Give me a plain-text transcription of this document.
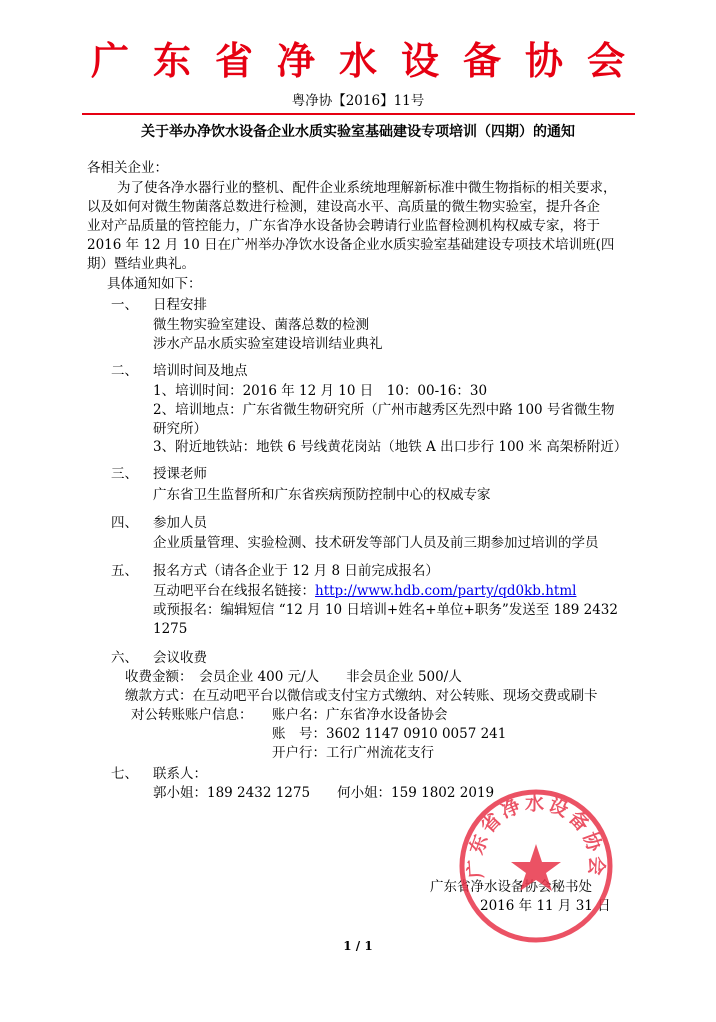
广东省净水设备协会
粤净协【2016】11号
关于举办净饮水设备企业水质实验室基础建设专项培训（四期）的通知
各相关企业：
为了使各净水器行业的整机、配件企业系统地理解新标准中微生物指标的相关要求，
以及如何对微生物菌落总数进行检测，建设高水平、高质量的微生物实验室，提升各企
业对产品质量的管控能力，广东省净水设备协会聘请行业监督检测机构权威专家，将于
2016 年 12 月 10 日在广州举办净饮水设备企业水质实验室基础建设专项技术培训班(四
期）暨结业典礼。
具体通知如下：
一、 日程安排
微生物实验室建设、菌落总数的检测
涉水产品水质实验室建设培训结业典礼
二、 培训时间及地点
1、培训时间：2016 年 12 月 10 日　10：00-16：30
2、培训地点：广东省微生物研究所（广州市越秀区先烈中路 100 号省微生物
研究所）
3、附近地铁站：地铁 6 号线黄花岗站（地铁 A 出口步行 100 米 高架桥附近）
三、 授课老师
广东省卫生监督所和广东省疾病预防控制中心的权威专家
四、 参加人员
企业质量管理、实验检测、技术研发等部门人员及前三期参加过培训的学员
五、 报名方式（请各企业于 12 月 8 日前完成报名）
互动吧平台在线报名链接：http://www.hdb.com/party/qd0kb.html
或预报名：编辑短信 “12 月 10 日培训+姓名+单位+职务”发送至 189 2432
1275
六、 会议收费
收费金额：　会员企业 400 元/人　　非会员企业 500/人
缴款方式：在互动吧平台以微信或支付宝方式缴纳、对公转账、现场交费或刷卡
对公转账账户信息： 账户名：广东省净水设备协会
账　号：3602 1147 0910 0057 241
开户行：工行广州流花支行
七、 联系人：
郭小姐：189 2432 1275　　何小姐：159 1802 2019
广东省净水设备协会秘书处
2016 年 11 月 31 日
广东省净水设备协会
1 / 1
